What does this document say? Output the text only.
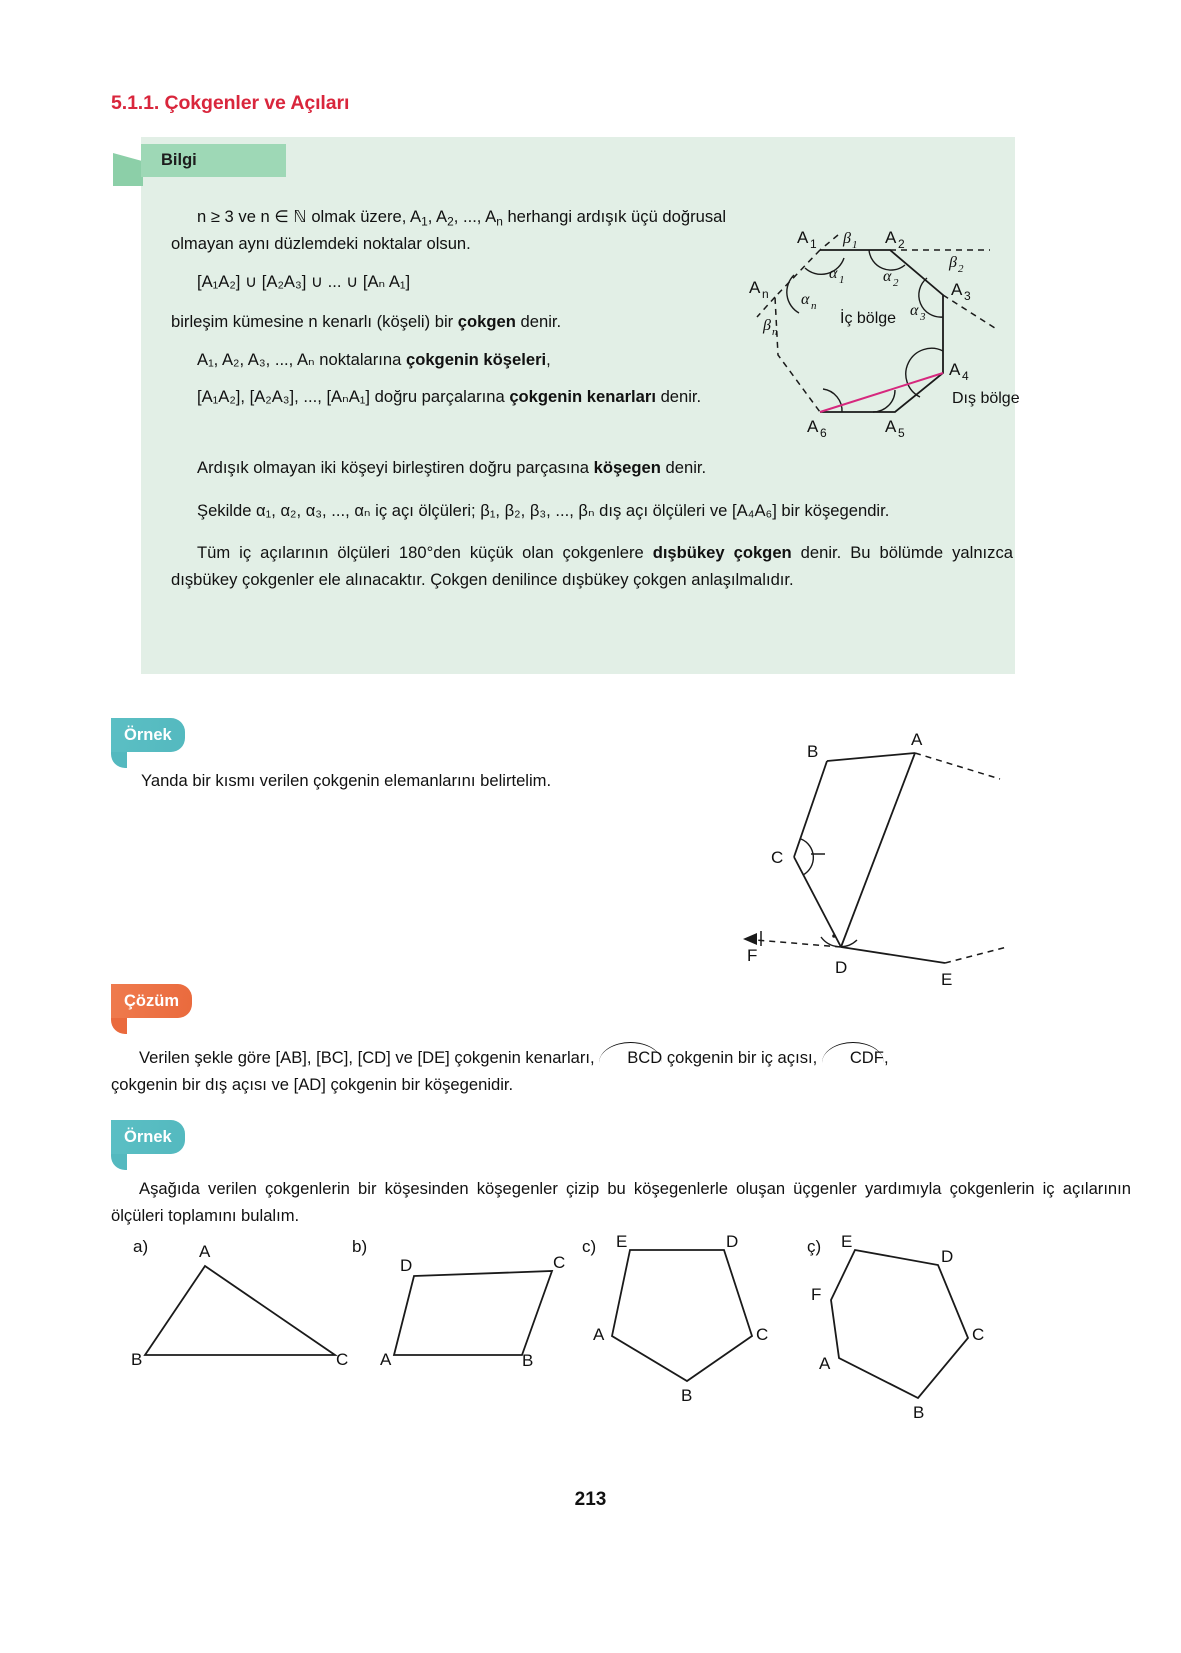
5.1.1. Çokgenler ve Açıları
Bilgi

n ≥ 3 ve n ∈ ℕ olmak üzere, $A_1$, $A_2$, ..., $A_n$ herhangi ardışık üçü doğrusal olmayan aynı düzlemdeki noktalar olsun.

[A₁A₂] ∪ [A₂A₃] ∪ ... ∪ [Aₙ A₁]

birleşim kümesine n kenarlı (köşeli) bir çokgen denir.

A₁, A₂, A₃, ..., Aₙ noktalarına çokgenin köşeleri,

[A₁A₂], [A₂A₃], ..., [AₙA₁] doğru parçalarına çokgenin kenarları denir.

Ardışık olmayan iki köşeyi birleştiren doğru parçasına köşegen denir.

Şekilde α₁, α₂, α₃, ..., αₙ iç açı ölçüleri; β₁, β₂, β₃, ..., βₙ dış açı ölçüleri ve [A₄A₆] bir köşegendir.

Tüm iç açılarının ölçüleri 180°den küçük olan çokgenlere dışbükey çokgen denir. Bu bölümde yalnızca dışbükey çokgenler ele alınacaktır. Çokgen denilince dışbükey çokgen anlaşılmalıdır.

A 1	A 2
A 3
A 4
A 5
A 6
A n
α 1 α 2
α 3
α n
β 1
β 2
β n
İç bölge
Dış bölge
Örnek
Yanda bir kısmı verilen çokgenin elemanlarını belirtelim.
A
B
C
D
E
F
Çözüm
Verilen şekle göre [AB], [BC], [CD] ve [DE] çokgenin kenarları, BCD çokgenin bir iç açısı, CDF,
çokgenin bir dış açısı ve [AD] çokgenin bir köşegenidir.
Örnek
Aşağıda verilen çokgenlerin bir köşesinden köşegenler çizip bu köşegenlerle oluşan üçgenler yardımıyla çokgenlerin iç açılarının ölçüleri toplamını bulalım.
a)	A
B	C
b)
D	C
A	B
c) E	D
A	C
B
ç) E
D
C
B
A
F
213
